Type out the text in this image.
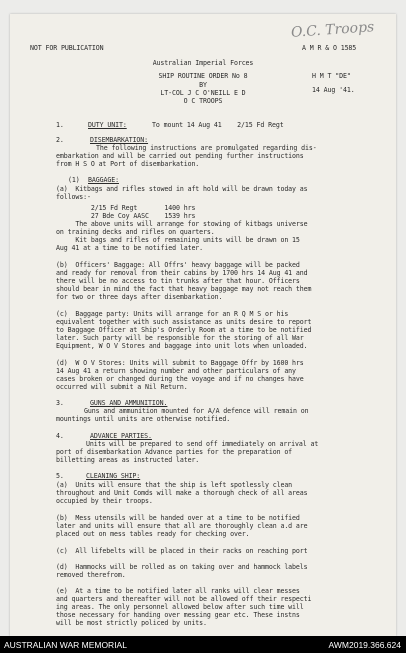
NOT FOR PUBLICATION	A M R & O 1585
O.C. Troops
Australian Imperial Forces
SHIP ROUTINE ORDER No 8	H M T "DE"
BY
LT-COL J C O'NEILL E D	14 Aug '41.
O C TROOPS
1.	DUTY UNIT:	To mount 14 Aug 41    2/15 Fd Regt
2.	DISEMBARKATION:
The following instructions are promulgated regarding dis-
embarkation and will be carried out pending further instructions
from H S O at Port of disembarkation.
(1) BAGGAGE:
(a)  Kitbags and rifles stowed in aft hold will be drawn today as
follows:-
2/15 Fd Regt       1400 hrs
27 Bde Coy AASC    1539 hrs
The above units will arrange for stowing of kitbags universe
on training decks and rifles on quarters.
Kit bags and rifles of remaining units will be drawn on 15
Aug 41 at a time to be notified later.
(b)  Officers' Baggage: All Offrs' heavy baggage will be packed
and ready for removal from their cabins by 1700 hrs 14 Aug 41 and
there will be no access to tin trunks after that hour. Officers
should bear in mind the fact that heavy baggage may not reach them
for two or three days after disembarkation.
(c)  Baggage party: Units will arrange for an R Q M S or his
equivalent together with such assistance as units desire to report
to Baggage Officer at Ship's Orderly Room at a time to be notified
later. Such party will be responsible for the storing of all War
Equipment, W O V Stores and baggage into unit lots when unloaded.
(d)  W O V Stores: Units will submit to Baggage Offr by 1600 hrs
14 Aug 41 a return showing number and other particulars of any
cases broken or changed during the voyage and if no changes have
occurred will submit a Nil Return.
3.	GUNS AND AMMUNITION.
Guns and ammunition mounted for A/A defence will remain on
mountings until units are otherwise notified.
4.	ADVANCE PARTIES.
Units will be prepared to send off immediately on arrival at
port of disembarkation Advance parties for the preparation of
billetting areas as instructed later.
5.	CLEANING SHIP:
(a)  Units will ensure that the ship is left spotlessly clean
throughout and Unit Comds will make a thorough check of all areas
occupied by their troops.
(b)  Mess utensils will be handed over at a time to be notified
later and units will ensure that all are thoroughly clean a.d are
placed out on mess tables ready for checking over.
(c)  All lifebelts will be placed in their racks on reaching port
(d)  Hammocks will be rolled as on taking over and hammock labels
removed therefrom.
(e)  At a time to be notified later all ranks will clear messes
and quarters and thereafter will not be allowed off their respecti
ing areas. The only personnel allowed below after such time will
those necessary for handing over messing gear etc. These instns
will be most strictly policed by units.
AUSTRALIAN WAR MEMORIAL	AWM2019.366.624
